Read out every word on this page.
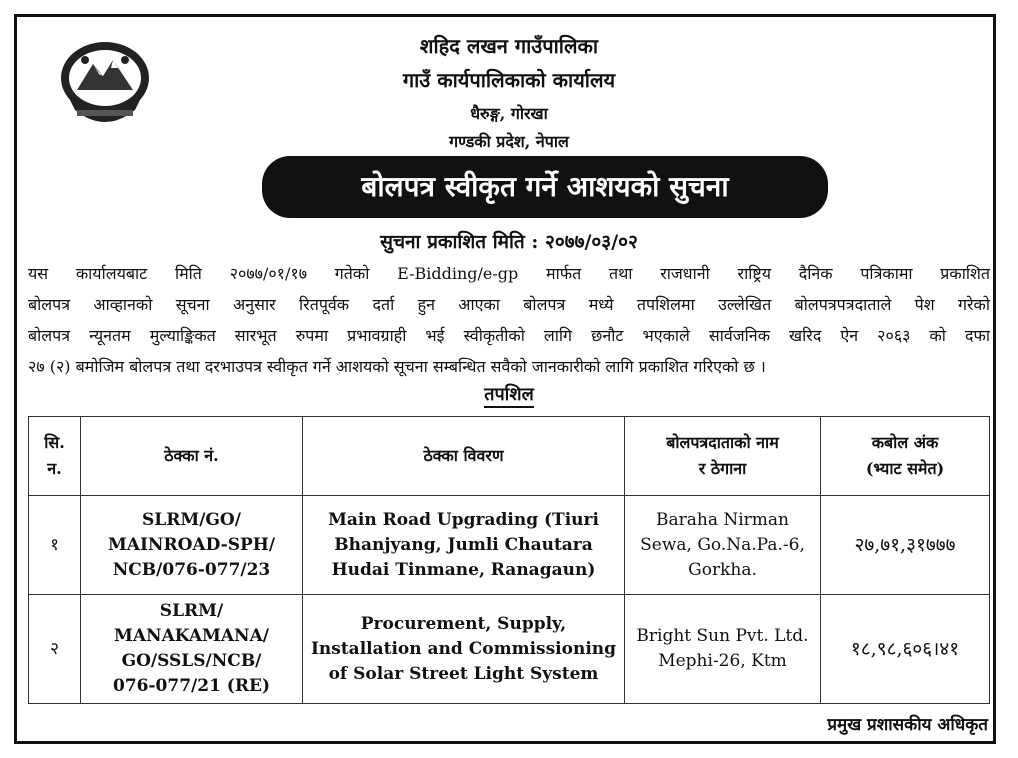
शहिद लखन गाउँपालिका
गाउँ कार्यपालिकाको कार्यालय
धैरुङ्ग, गोरखा
गण्डकी प्रदेश, नेपाल
बोलपत्र स्वीकृत गर्ने आशयको सुचना
सुचना प्रकाशित मिति : २०७७/०३/०२
यस कार्यालयबाट मिति २०७७/०१/१७ गतेको E-Bidding/e-gp मार्फत तथा राजधानी राष्ट्रिय दैनिक पत्रिकामा प्रकाशित
बोलपत्र आव्हानको सूचना अनुसार रितपूर्वक दर्ता हुन आएका बोलपत्र मध्ये तपशिलमा उल्लेखित बोलपत्रपत्रदाताले पेश गरेको
बोलपत्र न्यूनतम मुल्याङ्किकत सारभूत रुपमा प्रभावग्राही भई स्वीकृतीको लागि छनौट भएकाले सार्वजनिक खरिद ऐन २०६३ को दफा
२७ (२) बमोजिम बोलपत्र तथा दरभाउपत्र स्वीकृत गर्ने आशयको सूचना सम्बन्धित सवैको जानकारीको लागि प्रकाशित गरिएको छ ।
तपशिल
सि.
न.	ठेक्का नं.	ठेक्का विवरण	बोलपत्रदाताको नाम
र ठेगाना	कबोल अंक
(भ्याट समेत)
१	SLRM/GO/
MAINROAD-SPH/
NCB/076-077/23	Main Road Upgrading (Tiuri
Bhanjyang, Jumli Chautara
Hudai Tinmane, Ranagaun)	Baraha Nirman
Sewa, Go.Na.Pa.-6,
Gorkha.	२७,७१,३१७७७
२	SLRM/
MANAKAMANA/
GO/SSLS/NCB/
076-077/21 (RE)	Procurement, Supply,
Installation and Commissioning
of Solar Street Light System	Bright Sun Pvt. Ltd.
Mephi-26, Ktm	१८,९८,६०६।४१
प्रमुख प्रशासकीय अधिकृत
